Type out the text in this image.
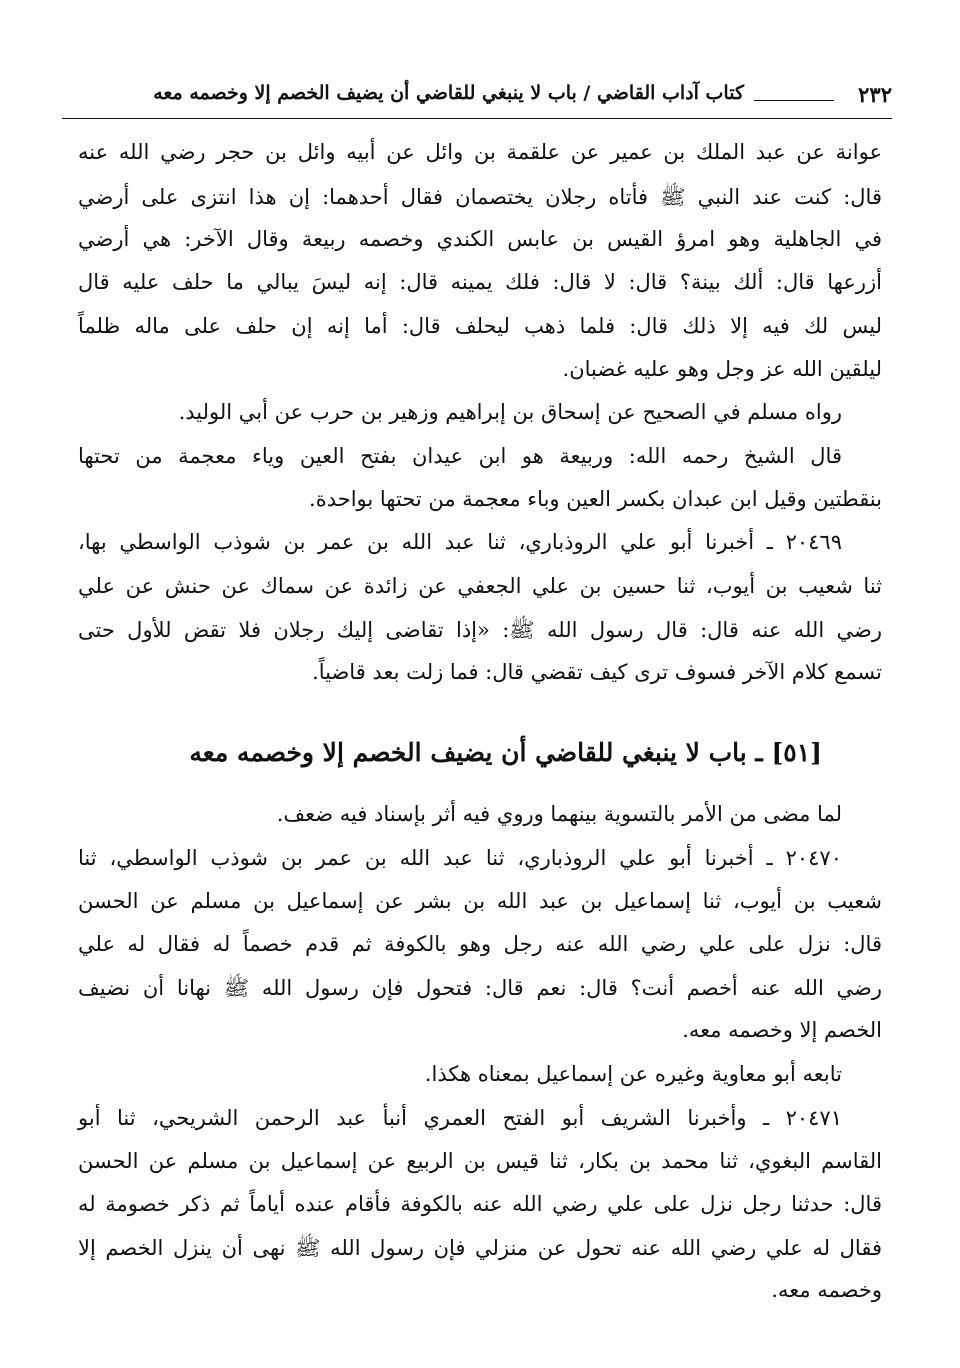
٢٣٢
كتاب آداب القاضي / باب لا ينبغي للقاضي أن يضيف الخصم إلا وخصمه معه
عوانة عن عبد الملك بن عمير عن علقمة بن وائل عن أبيه وائل بن حجر رضي الله عنه
قال: كنت عند النبي ﷺ فأتاه رجلان يختصمان فقال أحدهما: إن هذا انتزى على أرضي
في الجاهلية وهو امرؤ القيس بن عابس الكندي وخصمه ربيعة وقال الآخر: هي أرضي
أزرعها قال: ألك بينة؟ قال: لا قال: فلك يمينه قال: إنه ليسَ يبالي ما حلف عليه قال
ليس لك فيه إلا ذلك قال: فلما ذهب ليحلف قال: أما إنه إن حلف على ماله ظلماً
ليلقين الله عز وجل وهو عليه غضبان.
رواه مسلم في الصحيح عن إسحاق بن إبراهيم وزهير بن حرب عن أبي الوليد.
قال الشيخ رحمه الله: وربيعة هو ابن عيدان بفتح العين وياء معجمة من تحتها
بنقطتين وقيل ابن عبدان بكسر العين وباء معجمة من تحتها بواحدة.
٢٠٤٦٩ ـ أخبرنا أبو علي الروذباري، ثنا عبد الله بن عمر بن شوذب الواسطي بها،
ثنا شعيب بن أيوب، ثنا حسين بن علي الجعفي عن زائدة عن سماك عن حنش عن علي
رضي الله عنه قال: قال رسول الله ﷺ: «إذا تقاضى إليك رجلان فلا تقض للأول حتى
تسمع كلام الآخر فسوف ترى كيف تقضي قال: فما زلت بعد قاضياً.
[٥١] ـ باب لا ينبغي للقاضي أن يضيف الخصم إلا وخصمه معه
لما مضى من الأمر بالتسوية بينهما وروي فيه أثر بإسناد فيه ضعف.
٢٠٤٧٠ ـ أخبرنا أبو علي الروذباري، ثنا عبد الله بن عمر بن شوذب الواسطي، ثنا
شعيب بن أيوب، ثنا إسماعيل بن عبد الله بن بشر عن إسماعيل بن مسلم عن الحسن
قال: نزل على علي رضي الله عنه رجل وهو بالكوفة ثم قدم خصماً له فقال له علي
رضي الله عنه أخصم أنت؟ قال: نعم قال: فتحول فإن رسول الله ﷺ نهانا أن نضيف
الخصم إلا وخصمه معه.
تابعه أبو معاوية وغيره عن إسماعيل بمعناه هكذا.
٢٠٤٧١ ـ وأخبرنا الشريف أبو الفتح العمري أنبأ عبد الرحمن الشريحي، ثنا أبو
القاسم البغوي، ثنا محمد بن بكار، ثنا قيس بن الربيع عن إسماعيل بن مسلم عن الحسن
قال: حدثنا رجل نزل على علي رضي الله عنه بالكوفة فأقام عنده أياماً ثم ذكر خصومة له
فقال له علي رضي الله عنه تحول عن منزلي فإن رسول الله ﷺ نهى أن ينزل الخصم إلا
وخصمه معه.
